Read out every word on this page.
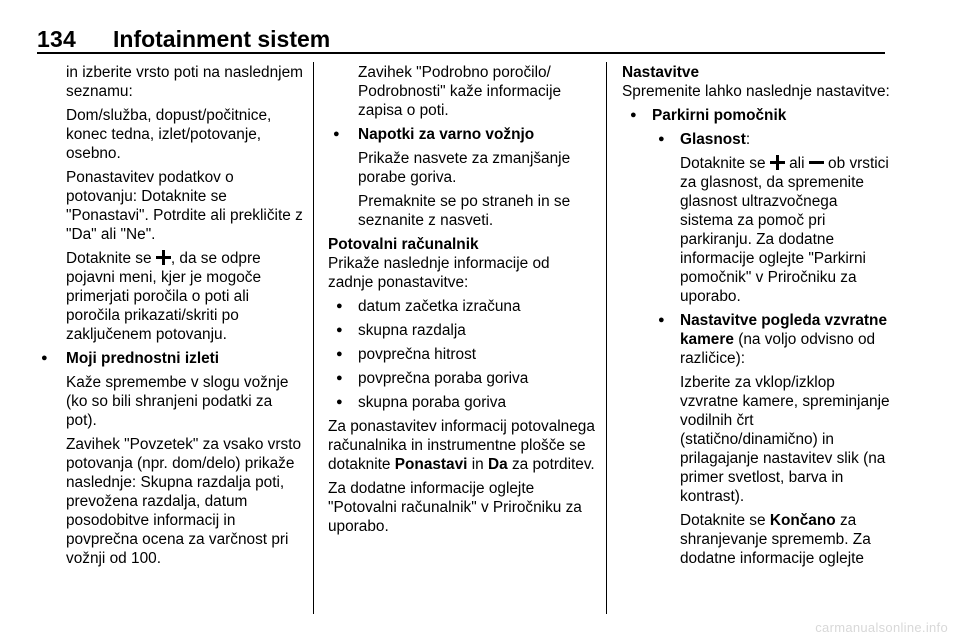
134 Infotainment sistem

in izberite vrsto poti na naslednjem seznamu:

Dom/služba, dopust/počitnice, konec tedna, izlet/potovanje, osebno.

Ponastavitev podatkov o potovanju: Dotaknite se "Ponastavi". Potrdite ali prekličite z "Da" ali "Ne".

Dotaknite se , da se odpre pojavni meni, kjer je mogoče primerjati poročila o poti ali poročila prikazati/skriti po zaključenem potovanju.

● Moji prednostni izleti

Kaže spremembe v slogu vožnje (ko so bili shranjeni podatki za pot).

Zavihek "Povzetek" za vsako vrsto potovanja (npr. dom/delo) prikaže naslednje: Skupna razdalja poti, prevožena razdalja, datum posodobitve informacij in povprečna ocena za varčnost pri vožnji od 100.

Zavihek "Podrobno poročilo/ Podrobnosti" kaže informacije zapisa o poti.

● Napotki za varno vožnjo

Prikaže nasvete za zmanjšanje porabe goriva.

Premaknite se po straneh in se seznanite z nasveti.

Potovalni računalnik

Prikaže naslednje informacije od zadnje ponastavitve:

● datum začetka izračuna

● skupna razdalja

● povprečna hitrost

● povprečna poraba goriva

● skupna poraba goriva

Za ponastavitev informacij potovalnega računalnika in instrumentne plošče se dotaknite Ponastavi in Da za potrditev.

Za dodatne informacije oglejte "Potovalni računalnik" v Priročniku za uporabo.

Nastavitve

Spremenite lahko naslednje nastavitve:

● Parkirni pomočnik

● Glasnost:

Dotaknite se  ali  ob vrstici za glasnost, da spremenite glasnost ultrazvočnega sistema za pomoč pri parkiranju. Za dodatne informacije oglejte "Parkirni pomočnik" v Priročniku za uporabo.

● Nastavitve pogleda vzvratne kamere (na voljo odvisno od različice):

Izberite za vklop/izklop vzvratne kamere, spreminjanje vodilnih črt (statično/dinamično) in prilagajanje nastavitev slik (na primer svetlost, barva in kontrast).

Dotaknite se Končano za shranjevanje sprememb. Za dodatne informacije oglejte

carmanualsonline.info
